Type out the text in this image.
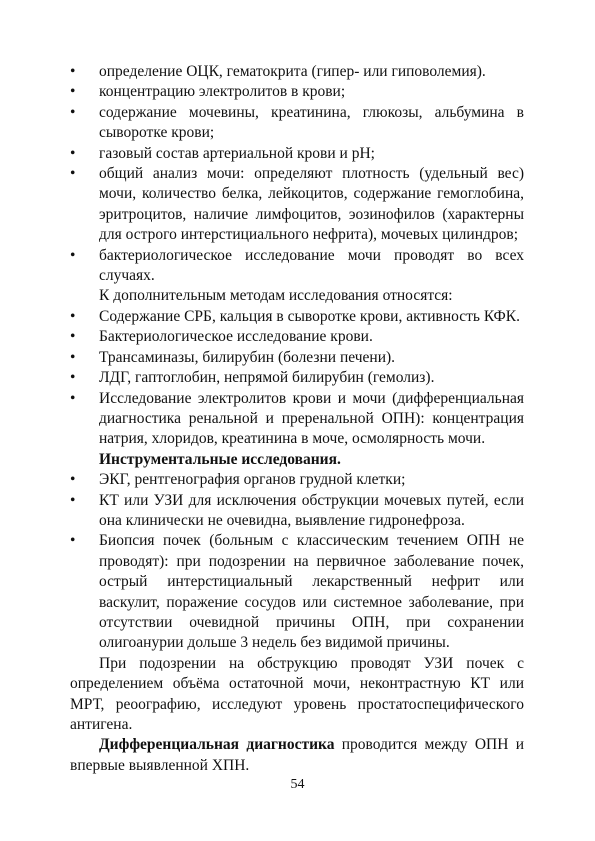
• определение ОЦК, гематокрита (гипер- или гиповолемия).
• концентрацию электролитов в крови;
• содержание мочевины, креатинина, глюкозы, альбумина в сыворотке крови;
• газовый состав артериальной крови и pH;
• общий анализ мочи: определяют плотность (удельный вес) мочи, количество белка, лейкоцитов, содержание гемоглобина, эритроцитов, наличие лимфоцитов, эозинофилов (характерны для острого интерстициального нефрита), мочевых цилиндров;
• бактериологическое исследование мочи проводят во всех случаях.
К дополнительным методам исследования относятся:
• Содержание СРБ, кальция в сыворотке крови, активность КФК.
• Бактериологическое исследование крови.
• Трансаминазы, билирубин (болезни печени).
• ЛДГ, гаптоглобин, непрямой билирубин (гемолиз).
• Исследование электролитов крови и мочи (дифференциальная диагностика ренальной и преренальной ОПН): концентрация натрия, хлоридов, креатинина в моче, осмолярность мочи.
Инструментальные исследования.
• ЭКГ, рентгенография органов грудной клетки;
• КТ или УЗИ для исключения обструкции мочевых путей, если она клинически не очевидна, выявление гидронефроза.
• Биопсия почек (больным с классическим течением ОПН не проводят): при подозрении на первичное заболевание почек, острый интерстициальный лекарственный нефрит или васкулит, поражение сосудов или системное заболевание, при отсутствии очевидной причины ОПН, при сохранении олигоанурии дольше 3 недель без видимой причины.
При подозрении на обструкцию проводят УЗИ почек с определением объёма остаточной мочи, неконтрастную КТ или МРТ, реоографию, исследуют уровень простатоспецифического антигена.
Дифференциальная диагностика проводится между ОПН и впервые выявленной ХПН.
54
